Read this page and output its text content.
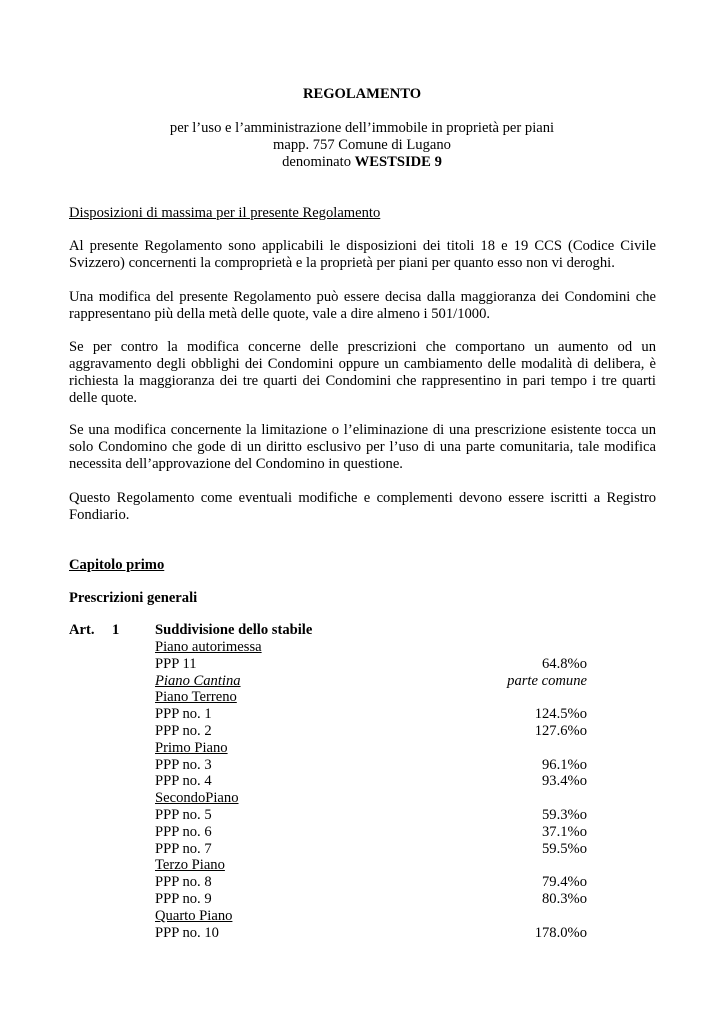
REGOLAMENTO
per l’uso e l’amministrazione dell’immobile in proprietà per piani
mapp. 757 Comune di Lugano
denominato WESTSIDE 9

Disposizioni di massima per il presente Regolamento

Al presente Regolamento sono applicabili le disposizioni dei titoli 18 e 19 CCS (Codice Civile Svizzero) concernenti la comproprietà e la proprietà per piani per quanto esso non vi deroghi.

Una modifica del presente Regolamento può essere decisa dalla maggioranza dei Condomini che rappresentano più della metà delle quote, vale a dire almeno i 501/1000.

Se per contro la modifica concerne delle prescrizioni che comportano un aumento od un aggravamento degli obblighi dei Condomini oppure un cambiamento delle modalità di delibera, è richiesta la maggioranza dei tre quarti dei Condomini che rappresentino in pari tempo i tre quarti delle quote.

Se una modifica concernente la limitazione o l’eliminazione di una prescrizione esistente tocca un solo Condomino che gode di un diritto esclusivo per l’uso di una parte comunitaria, tale modifica necessita dell’approvazione del Condomino in questione.

Questo Regolamento come eventuali modifiche e complementi devono essere iscritti a Registro Fondiario.

Capitolo primo

Prescrizioni generali

Art. 1 Suddivisione dello stabile
Piano autorimessa
PPP 11	64.8%o
Piano Cantina	parte comune
Piano Terreno
PPP no. 1	124.5%o
PPP no. 2	127.6%o
Primo Piano
PPP no. 3	96.1%o
PPP no. 4	93.4%o
SecondoPiano
PPP no. 5	59.3%o
PPP no. 6	37.1%o
PPP no. 7	59.5%o
Terzo Piano
PPP no. 8	79.4%o
PPP no. 9	80.3%o
Quarto Piano
PPP no. 10	178.0%o
